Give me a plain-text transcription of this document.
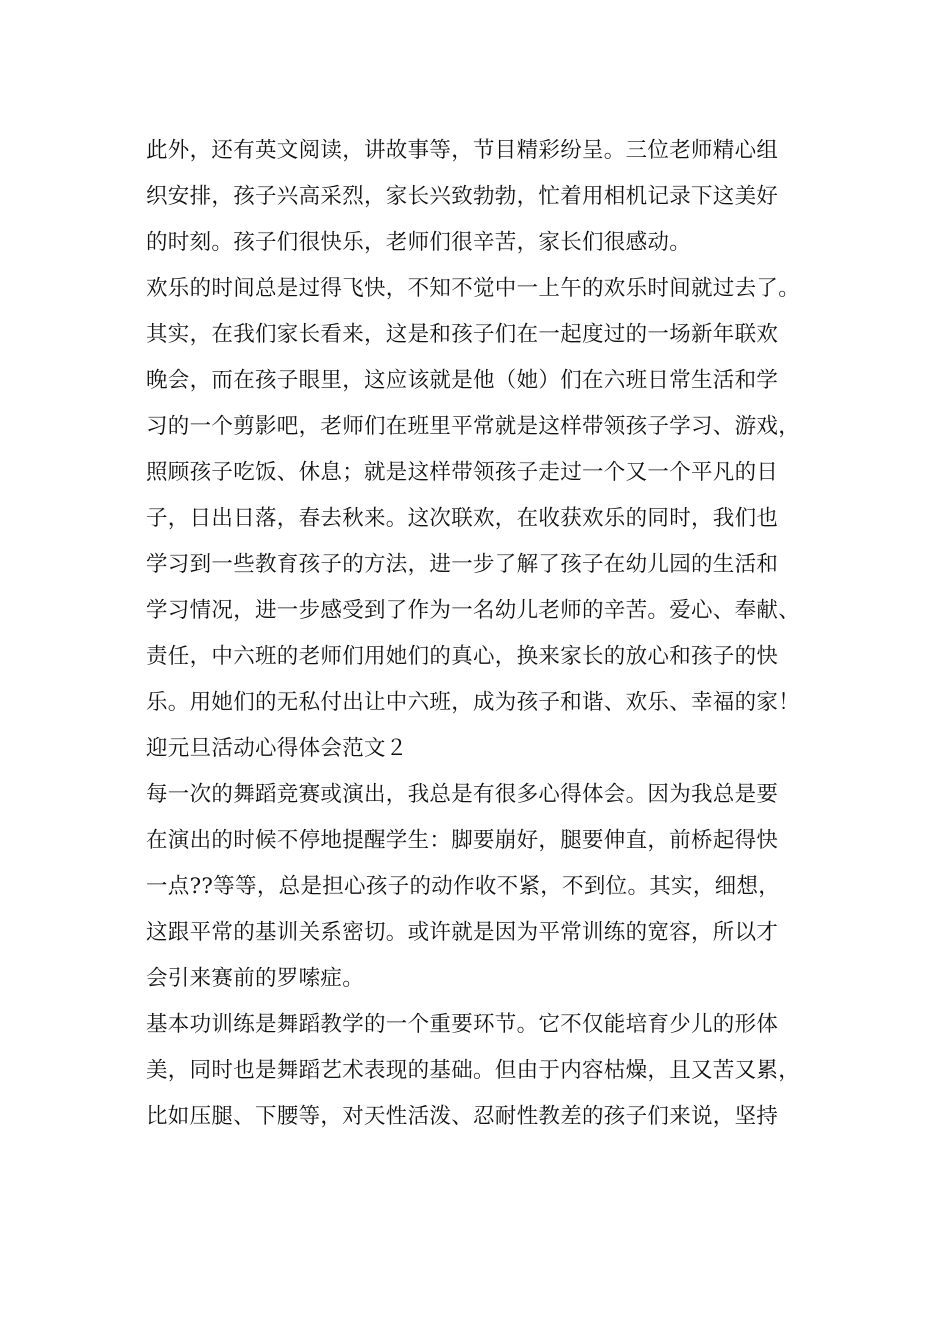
此外，还有英文阅读，讲故事等，节目精彩纷呈。三位老师精心组
织安排，孩子兴高采烈，家长兴致勃勃，忙着用相机记录下这美好
的时刻。孩子们很快乐，老师们很辛苦，家长们很感动。
欢乐的时间总是过得飞快，不知不觉中一上午的欢乐时间就过去了。
其实，在我们家长看来，这是和孩子们在一起度过的一场新年联欢
晚会，而在孩子眼里，这应该就是他（她）们在六班日常生活和学
习的一个剪影吧，老师们在班里平常就是这样带领孩子学习、游戏，
照顾孩子吃饭、休息；就是这样带领孩子走过一个又一个平凡的日
子，日出日落，春去秋来。这次联欢，在收获欢乐的同时，我们也
学习到一些教育孩子的方法，进一步了解了孩子在幼儿园的生活和
学习情况，进一步感受到了作为一名幼儿老师的辛苦。爱心、奉献、
责任，中六班的老师们用她们的真心，换来家长的放心和孩子的快
乐。用她们的无私付出让中六班，成为孩子和谐、欢乐、幸福的家！
迎元旦活动心得体会范文２
每一次的舞蹈竞赛或演出，我总是有很多心得体会。因为我总是要
在演出的时候不停地提醒学生：脚要崩好，腿要伸直，前桥起得快
一点??等等，总是担心孩子的动作收不紧，不到位。其实，细想，
这跟平常的基训关系密切。或许就是因为平常训练的宽容，所以才
会引来赛前的罗嗦症。
基本功训练是舞蹈教学的一个重要环节。它不仅能培育少儿的形体
美，同时也是舞蹈艺术表现的基础。但由于内容枯燥，且又苦又累，
比如压腿、下腰等，对天性活泼、忍耐性教差的孩子们来说，坚持
